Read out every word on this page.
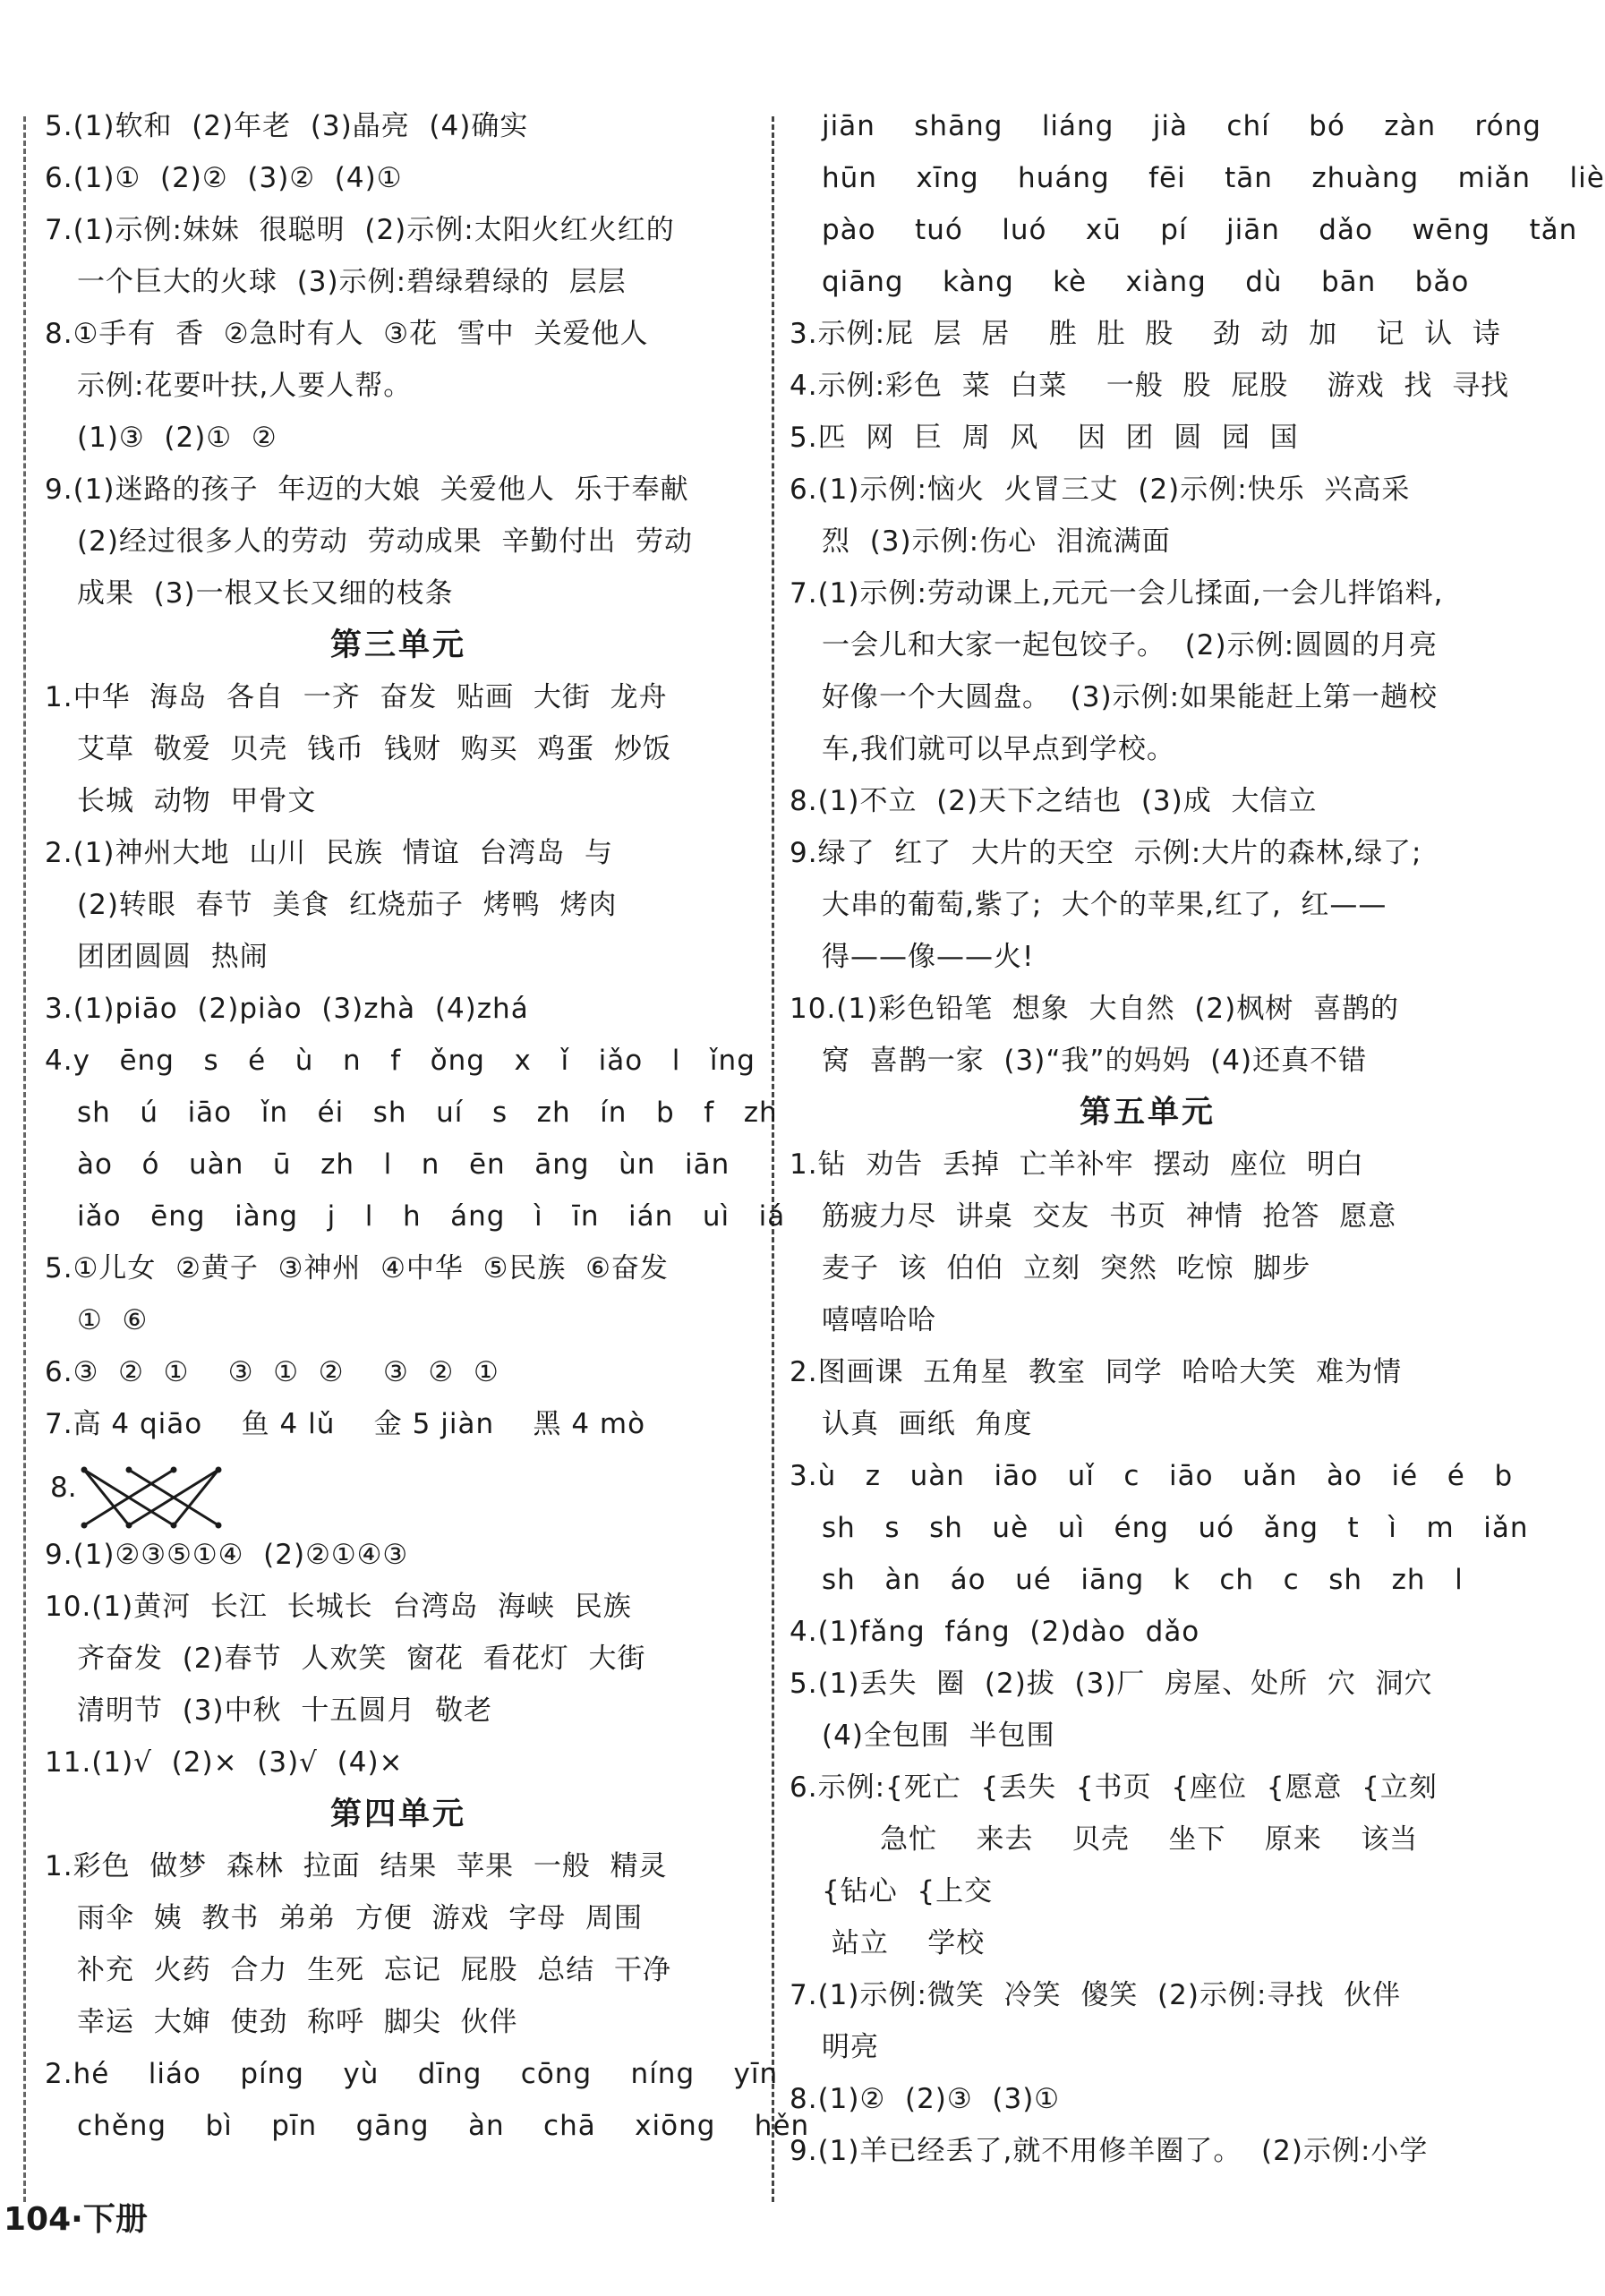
5.(1)软和  (2)年老  (3)晶亮  (4)确实
6.(1)①  (2)②  (3)②  (4)①
7.(1)示例:妹妹  很聪明  (2)示例:太阳火红火红的
一个巨大的火球  (3)示例:碧绿碧绿的  层层
8.①手有  香  ②急时有人  ③花  雪中  关爱他人
示例:花要叶扶,人要人帮。
(1)③  (2)①  ②
9.(1)迷路的孩子  年迈的大娘  关爱他人  乐于奉献
(2)经过很多人的劳动  劳动成果  辛勤付出  劳动
成果  (3)一根又长又细的枝条
第三单元
1.中华  海岛  各自  一齐  奋发  贴画  大街  龙舟
艾草  敬爱  贝壳  钱币  钱财  购买  鸡蛋  炒饭
长城  动物  甲骨文
2.(1)神州大地  山川  民族  情谊  台湾岛  与
(2)转眼  春节  美食  红烧茄子  烤鸭  烤肉
团团圆圆  热闹
3.(1)piāo  (2)piào  (3)zhà  (4)zhá
4.y   ēng   s   é   ù   n   f   ǒng   x   ǐ   iǎo   l   ǐng
sh   ú   iāo   ǐn   éi   sh   uí   s   zh   ín   b   f   zh
ào   ó   uàn   ū   zh   l   n   ēn   āng   ùn   iān
iǎo   ēng   iàng   j   l   h   áng   ì   īn   ián   uì   iá
5.①儿女  ②黄子  ③神州  ④中华  ⑤民族  ⑥奋发
①  ⑥
6.③  ②  ①    ③  ①  ②    ③  ②  ①
7.高 4 qiāo    鱼 4 lǔ    金 5 jiàn    黑 4 mò
8.
9.(1)②③⑤①④  (2)②①④③
10.(1)黄河  长江  长城长  台湾岛  海峡  民族
齐奋发  (2)春节  人欢笑  窗花  看花灯  大街
清明节  (3)中秋  十五圆月  敬老
11.(1)√  (2)×  (3)√  (4)×
第四单元
1.彩色  做梦  森林  拉面  结果  苹果  一般  精灵
雨伞  姨  教书  弟弟  方便  游戏  字母  周围
补充  火药  合力  生死  忘记  屁股  总结  干净
幸运  大婶  使劲  称呼  脚尖  伙伴
2.hé    liáo    píng    yù    dīng    cōng    níng    yīn
chěng    bì    pīn    gāng    àn    chā    xiōng    hěn
jiān    shāng    liáng    jià    chí    bó    zàn    róng
hūn    xīng    huáng    fēi    tān    zhuàng    miǎn    liè
pào    tuó    luó    xū    pí    jiān    dǎo    wēng    tǎn
qiāng    kàng    kè    xiàng    dù    bān    bǎo
3.示例:屁  层  居    胜  肚  股    劲  动  加    记  认  诗
4.示例:彩色  菜  白菜    一般  股  屁股    游戏  找  寻找
5.匹  网  巨  周  风    因  团  圆  园  国
6.(1)示例:恼火  火冒三丈  (2)示例:快乐  兴高采
烈  (3)示例:伤心  泪流满面
7.(1)示例:劳动课上,元元一会儿揉面,一会儿拌馅料,
一会儿和大家一起包饺子。  (2)示例:圆圆的月亮
好像一个大圆盘。  (3)示例:如果能赶上第一趟校
车,我们就可以早点到学校。
8.(1)不立  (2)天下之结也  (3)成  大信立
9.绿了  红了  大片的天空  示例:大片的森林,绿了;
大串的葡萄,紫了;  大个的苹果,红了,  红——
得——像——火!
10.(1)彩色铅笔  想象  大自然  (2)枫树  喜鹊的
窝  喜鹊一家  (3)“我”的妈妈  (4)还真不错
第五单元
1.钻  劝告  丢掉  亡羊补牢  摆动  座位  明白
筋疲力尽  讲桌  交友  书页  神情  抢答  愿意
麦子  该  伯伯  立刻  突然  吃惊  脚步
嘻嘻哈哈
2.图画课  五角星  教室  同学  哈哈大笑  难为情
认真  画纸  角度
3.ù   z   uàn   iāo   uǐ   c   iāo   uǎn   ào   ié   é   b
sh   s   sh   uè   uì   éng   uó   ǎng   t   ì   m   iǎn
sh   àn   áo   ué   iāng   k   ch   c   sh   zh   l
4.(1)fǎng  fáng  (2)dào  dǎo
5.(1)丢失  圈  (2)拔  (3)厂  房屋、处所  穴  洞穴
(4)全包围  半包围
6.示例:{死亡  {丢失  {书页  {座位  {愿意  {立刻
急忙    来去    贝壳    坐下    原来    该当
{钻心  {上交
站立    学校
7.(1)示例:微笑  冷笑  傻笑  (2)示例:寻找  伙伴
明亮
8.(1)②  (2)③  (3)①
9.(1)羊已经丢了,就不用修羊圈了。  (2)示例:小学
104·下册
